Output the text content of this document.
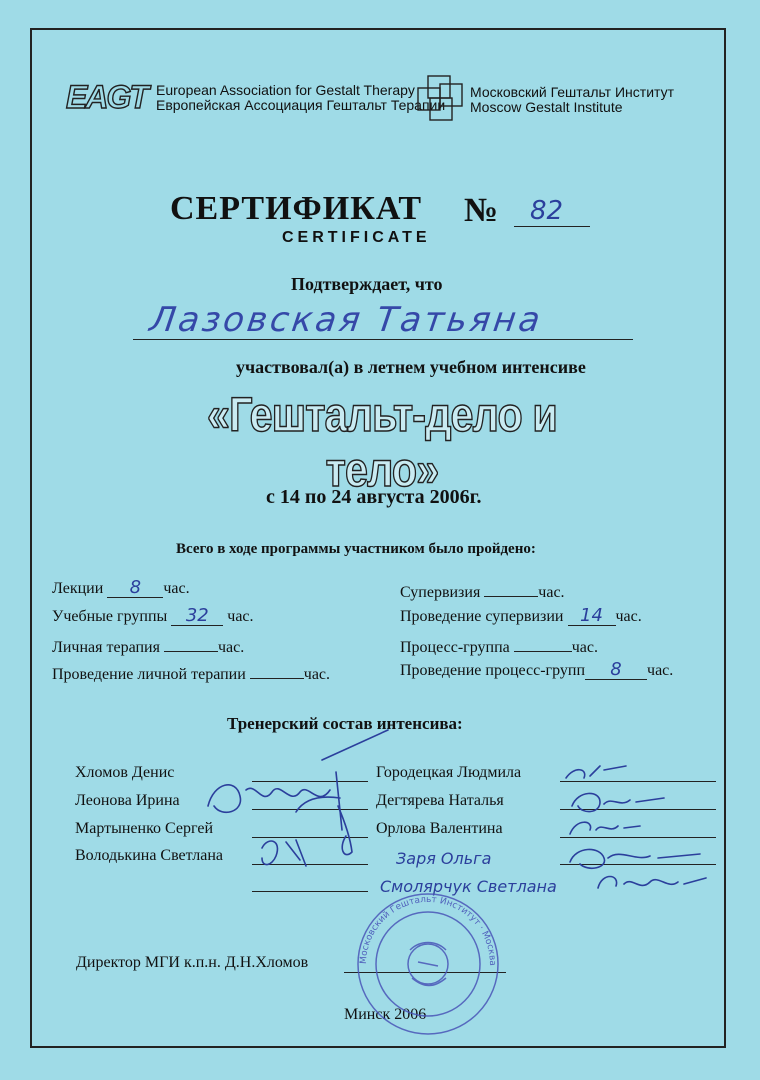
EAGT European Association for Gestalt Therapy
Европейская Ассоциация Гештальт Терапии
Московский Гештальт Институт
Moscow Gestalt Institute
СЕРТИФИКАТ № 82
CERTIFICATE
Подтверждает, что
Лазовская Татьяна
участвовал(а) в летнем учебном интенсиве
«Гештальт-дело и тело»
с 14 по 24 августа 2006г.
Всего в ходе программы участником было пройдено:
Лекции 8 час.
Учебные группы 32 час.
Личная терапия	час.
Проведение личной терапии	час.
Супервизия	час.
Проведение супервизии 14 час.
Процесс-группа	час.
Проведение процесс-групп 8 час.
Тренерский состав интенсива:
Хломов Денис
Леонова Ирина
Мартыненко Сергей
Володькина Светлана
Городецкая Людмила
Дегтярева Наталья
Орлова Валентина
Заря Ольга
Смолярчук Светлана
Директор МГИ к.п.н. Д.Н.Хломов
Минск 2006
Московский Гештальт Институт · Москва
